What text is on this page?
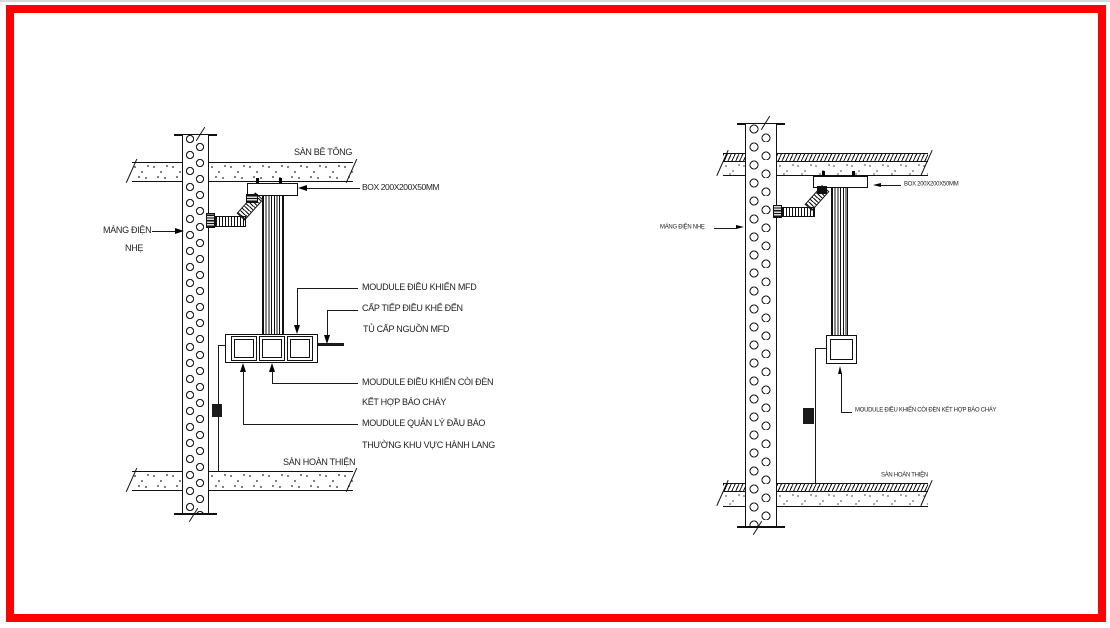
SÀN BÊ TÔNG
BOX 200X200X50MM
MÁNG ĐIỆN
NHẸ
MOUDULE ĐIỀU KHIỂN MFD
CẤP TIẾP ĐIỀU KHỂ ĐẾN
TỦ CẤP NGUỒN MFD
MOUDULE ĐIỀU KHIỂN CÒI ĐÈN
KẾT HỢP BÁO CHÁY
MOUDULE QUẢN LÝ ĐẦU BÁO
THƯỜNG KHU VỰC HÀNH LANG
SÀN HOÀN THIỆN
BOX 200X200X50MM
MÁNG ĐIỆN NHẸ
MOUDULE ĐIỀU KHIỂN CÒI ĐÈN KẾT HỢP BÁO CHÁY
SÀN HOÀN THIỆN
